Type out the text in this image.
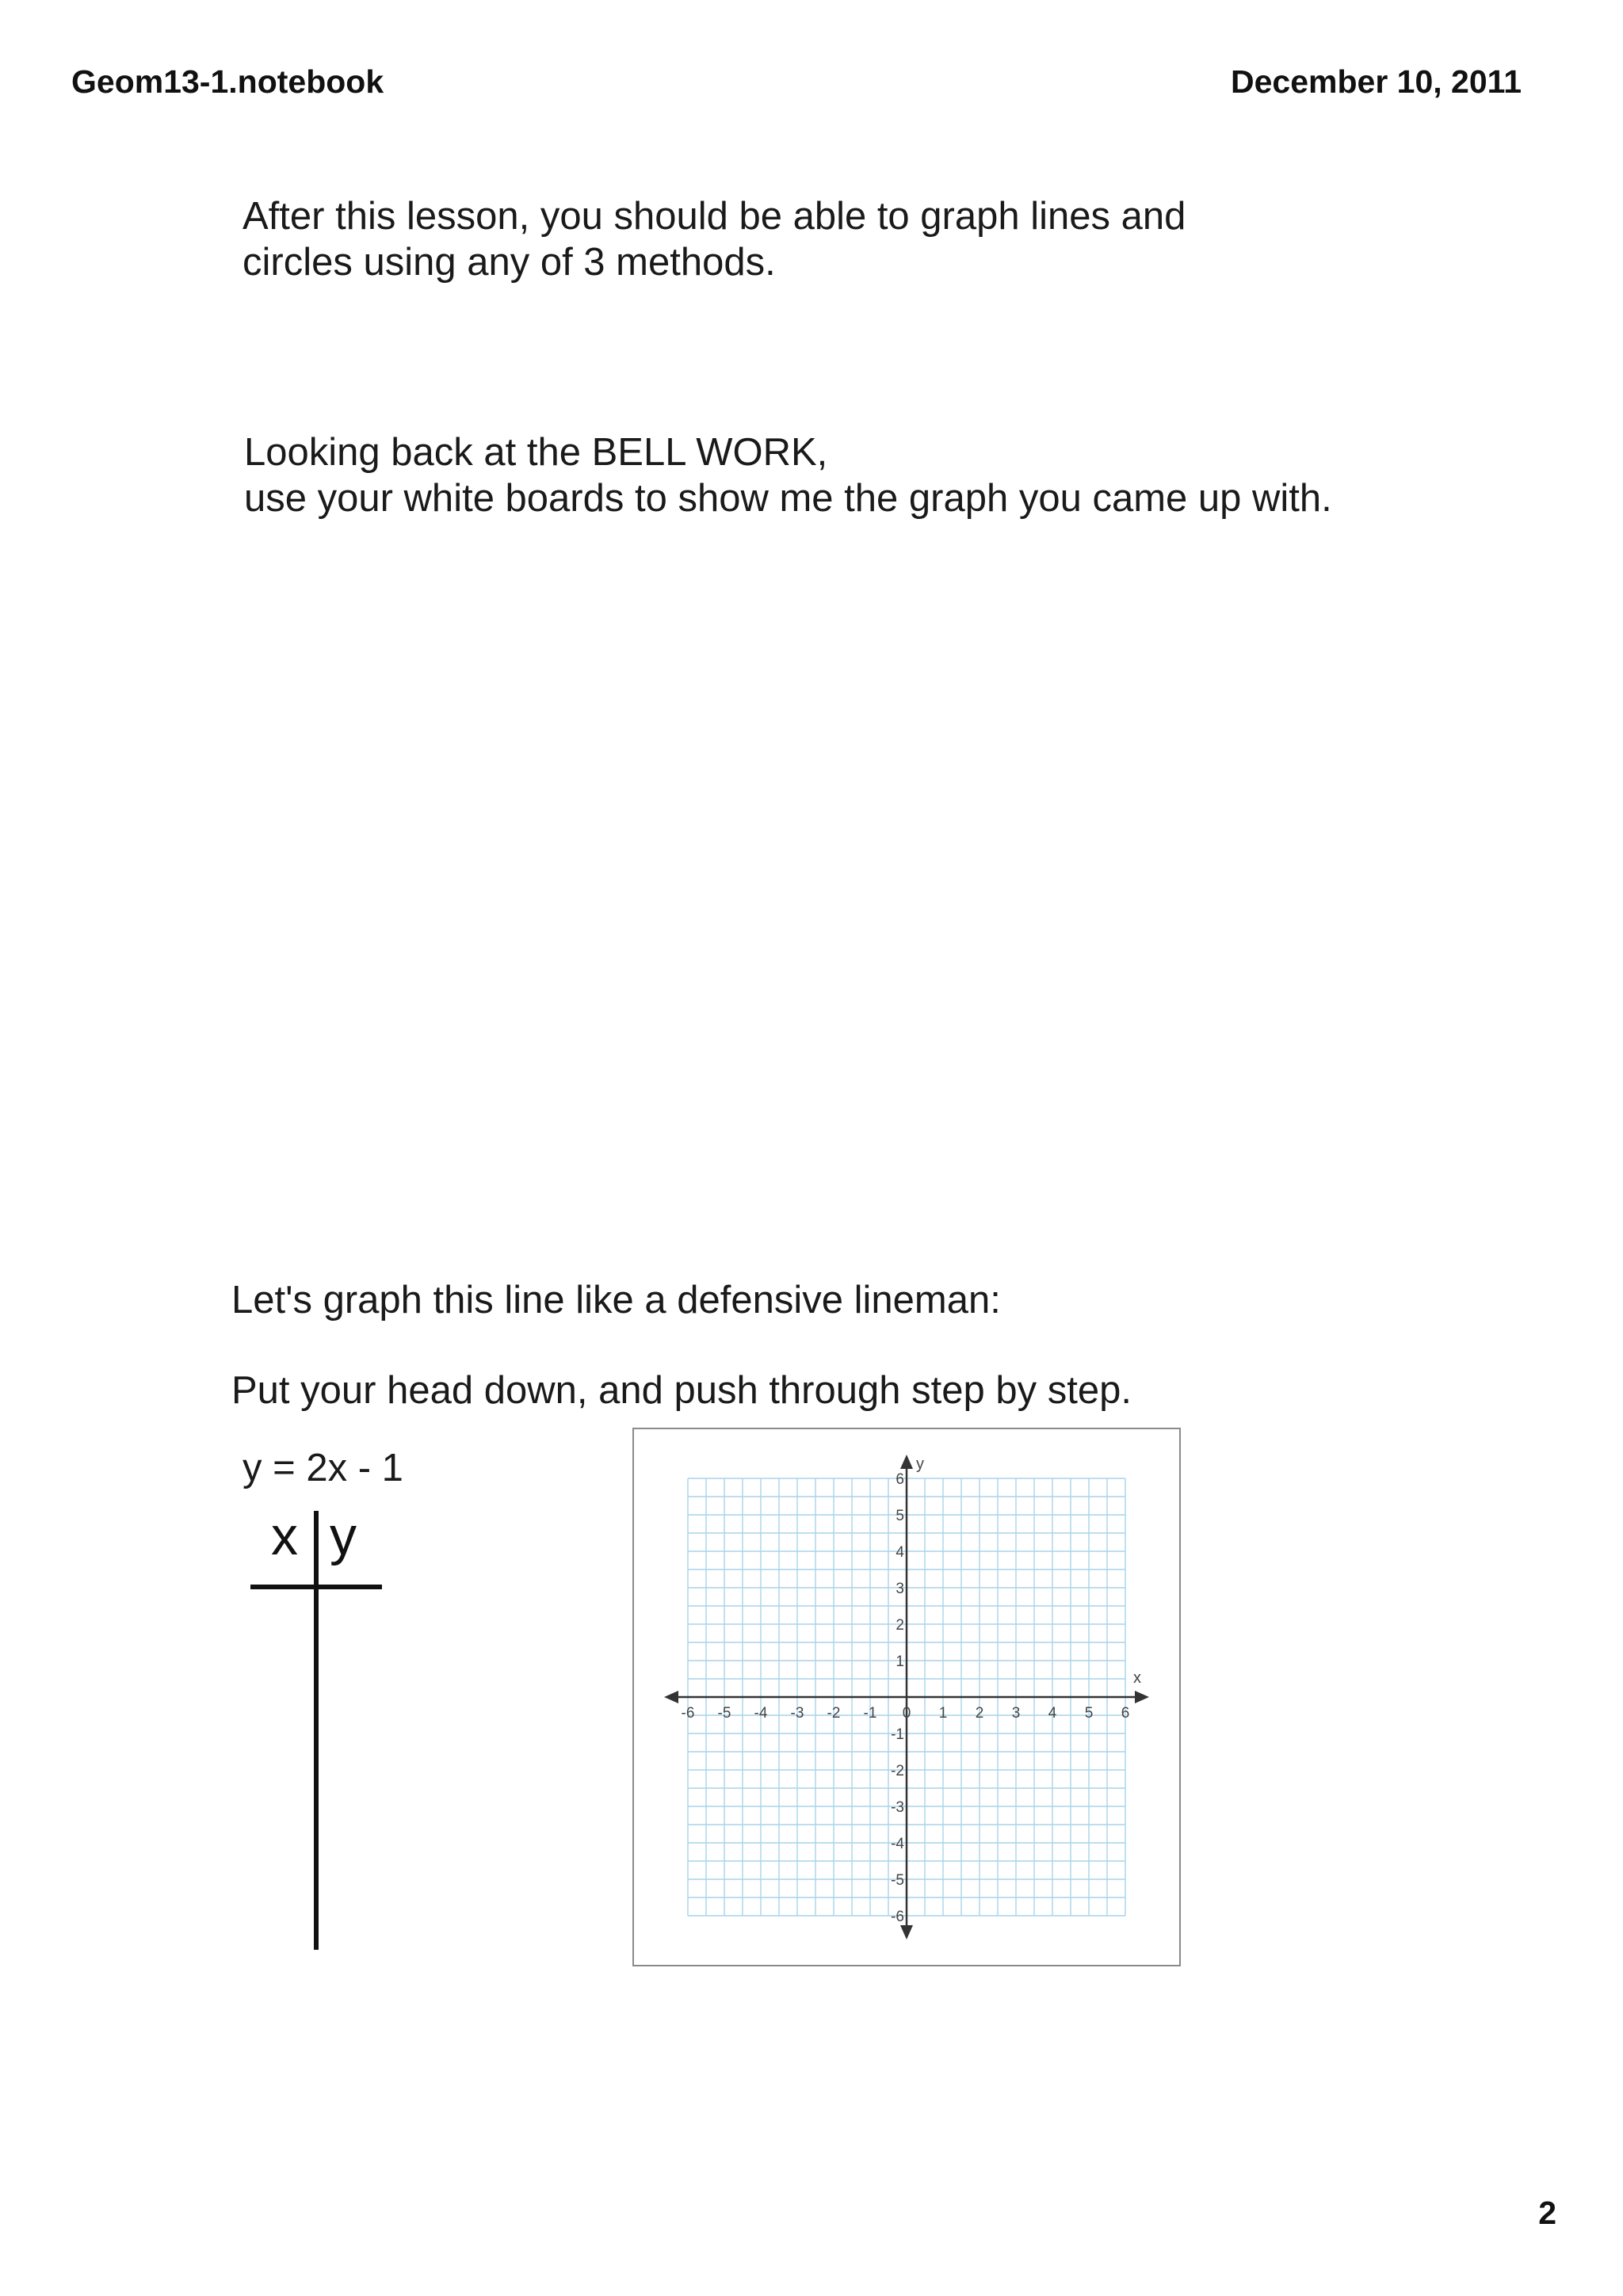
Geom13-1.notebook	December 10, 2011
After this lesson, you should be able to graph lines and
circles using any of 3 methods.
Looking back at the BELL WORK,
use your white boards to show me the graph you came up with.
Let's graph this line like a defensive lineman:
Put your head down, and push through step by step.
y = 2x - 1
x y
x
y
-6 -5 -4 -3 -2 -1 0 1 2 3 4 5 6
6
5
4
3
2
1
-1
-2
-3
-4
-5
-6
2
